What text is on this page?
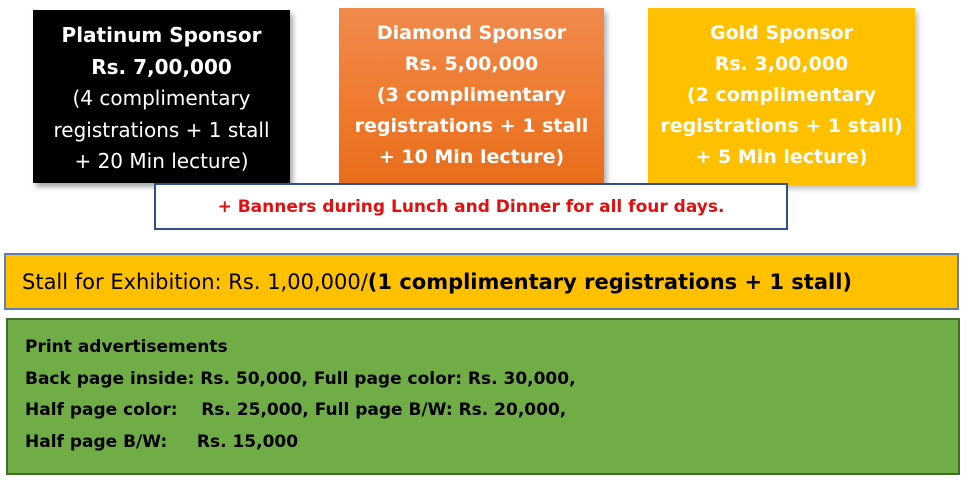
Platinum Sponsor
Rs. 7,00,000
(4 complimentary
registrations + 1 stall
+ 20 Min lecture)
Diamond Sponsor
Rs. 5,00,000
(3 complimentary
registrations + 1 stall
+ 10 Min lecture)
Gold Sponsor
Rs. 3,00,000
(2 complimentary
registrations + 1 stall)
+ 5 Min lecture)
+ Banners during Lunch and Dinner for all four days.
Stall for Exhibition: Rs. 1,00,000/ (1 complimentary registrations + 1 stall)
Print advertisements
Back page inside: Rs. 50,000, Full page color: Rs. 30,000,
Half page color:    Rs. 25,000, Full page B/W: Rs. 20,000,
Half page B/W:     Rs. 15,000
